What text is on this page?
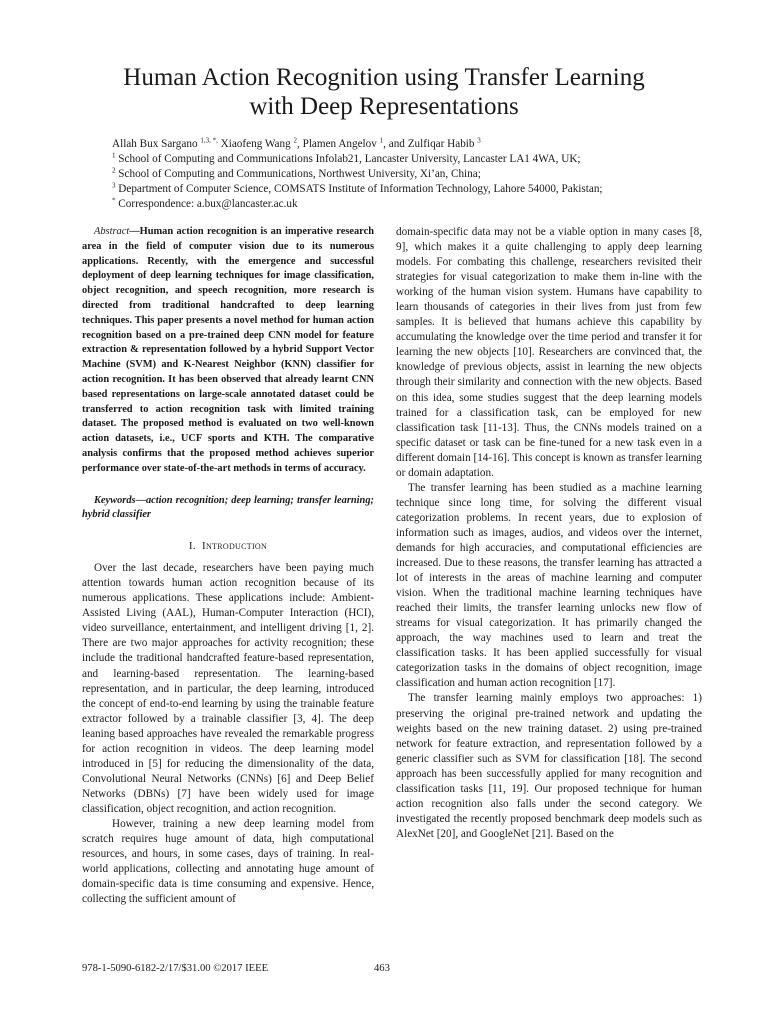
Human Action Recognition using Transfer Learning
with Deep Representations
Allah Bux Sargano $^{1,3, *,}$ Xiaofeng Wang $^2$, Plamen Angelov $^1$, and Zulfiqar Habib $^3$
$^1$ School of Computing and Communications Infolab21, Lancaster University, Lancaster LA1 4WA, UK;
$^2$ School of Computing and Communications, Northwest University, Xi’an, China;
$^3$ Department of Computer Science, COMSATS Institute of Information Technology, Lahore 54000, Pakistan;
* Correspondence: a.bux@lancaster.ac.uk

Abstract—Human action recognition is an imperative research area in the field of computer vision due to its numerous applications. Recently, with the emergence and successful deployment of deep learning techniques for image classification, object recognition, and speech recognition, more research is directed from traditional handcrafted to deep learning techniques. This paper presents a novel method for human action recognition based on a pre-trained deep CNN model for feature extraction & representation followed by a hybrid Support Vector Machine (SVM) and K-Nearest Neighbor (KNN) classifier for action recognition. It has been observed that already learnt CNN based representations on large-scale annotated dataset could be transferred to action recognition task with limited training dataset. The proposed method is evaluated on two well-known action datasets, i.e., UCF sports and KTH. The comparative analysis confirms that the proposed method achieves superior performance over state-of-the-art methods in terms of accuracy.

Keywords—action recognition; deep learning; transfer learning; hybrid classifier

I. Introduction

Over the last decade, researchers have been paying much attention towards human action recognition because of its numerous applications. These applications include: Ambient-Assisted Living (AAL), Human-Computer Interaction (HCI), video surveillance, entertainment, and intelligent driving [1, 2]. There are two major approaches for activity recognition; these include the traditional handcrafted feature-based representation, and learning-based representation. The learning-based representation, and in particular, the deep learning, introduced the concept of end-to-end learning by using the trainable feature extractor followed by a trainable classifier [3, 4]. The deep leaning based approaches have revealed the remarkable progress for action recognition in videos. The deep learning model introduced in [5] for reducing the dimensionality of the data, Convolutional Neural Networks (CNNs) [6] and Deep Belief Networks (DBNs) [7] have been widely used for image classification, object recognition, and action recognition.

However, training a new deep learning model from scratch requires huge amount of data, high computational resources, and hours, in some cases, days of training. In real-world applications, collecting and annotating huge amount of domain-specific data is time consuming and expensive. Hence, collecting the sufficient amount of

domain-specific data may not be a viable option in many cases [8, 9], which makes it a quite challenging to apply deep learning models. For combating this challenge, researchers revisited their strategies for visual categorization to make them in-line with the working of the human vision system. Humans have capability to learn thousands of categories in their lives from just from few samples. It is believed that humans achieve this capability by accumulating the knowledge over the time period and transfer it for learning the new objects [10]. Researchers are convinced that, the knowledge of previous objects, assist in learning the new objects through their similarity and connection with the new objects. Based on this idea, some studies suggest that the deep learning models trained for a classification task, can be employed for new classification task [11-13]. Thus, the CNNs models trained on a specific dataset or task can be fine-tuned for a new task even in a different domain [14-16]. This concept is known as transfer learning or domain adaptation.

The transfer learning has been studied as a machine learning technique since long time, for solving the different visual categorization problems. In recent years, due to explosion of information such as images, audios, and videos over the internet, demands for high accuracies, and computational efficiencies are increased. Due to these reasons, the transfer learning has attracted a lot of interests in the areas of machine learning and computer vision. When the traditional machine learning techniques have reached their limits, the transfer learning unlocks new flow of streams for visual categorization. It has primarily changed the approach, the way machines used to learn and treat the classification tasks. It has been applied successfully for visual categorization tasks in the domains of object recognition, image classification and human action recognition [17].

The transfer learning mainly employs two approaches: 1) preserving the original pre-trained network and updating the weights based on the new training dataset. 2) using pre-trained network for feature extraction, and representation followed by a generic classifier such as SVM for classification [18]. The second approach has been successfully applied for many recognition and classification tasks [11, 19]. Our proposed technique for human action recognition also falls under the second category. We investigated the recently proposed benchmark deep models such as AlexNet [20], and GoogleNet [21]. Based on the

978-1-5090-6182-2/17/$31.00 ©2017 IEEE	463
